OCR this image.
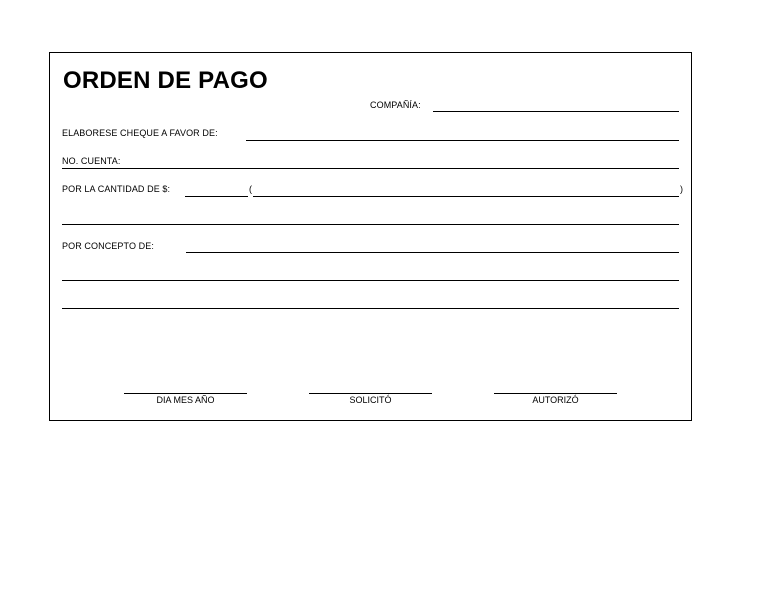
ORDEN DE PAGO
COMPAÑÍA:
ELABORESE CHEQUE A FAVOR DE:
NO. CUENTA:
POR LA CANTIDAD DE $:	(	)
POR CONCEPTO DE:
DIA MES AÑO	SOLICITÓ	AUTORIZÓ
